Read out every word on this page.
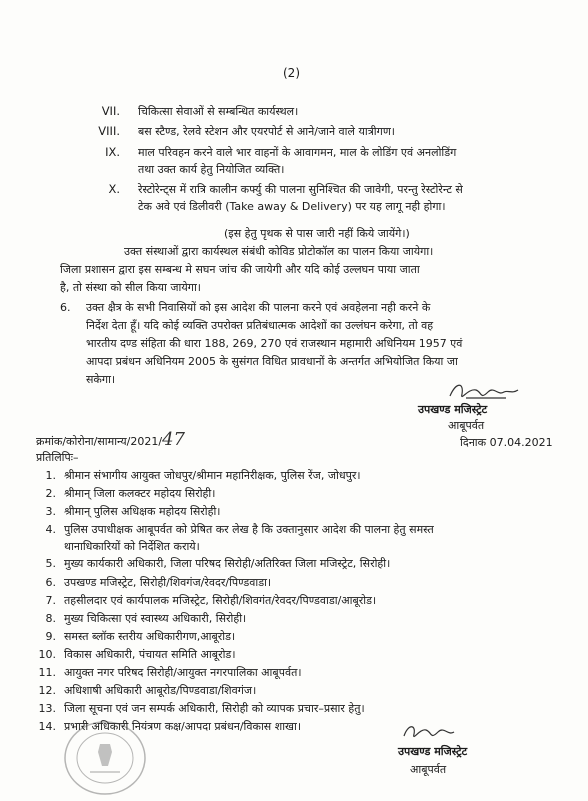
(2)
VII. चिकित्सा सेवाओं से सम्बन्धित कार्यस्थल।
VIII. बस स्टैण्ड, रेलवे स्टेशन और एयरपोर्ट से आने/जाने वाले यात्रीगण।
IX. माल परिवहन करने वाले भार वाहनों के आवागमन, माल के लोडिंग एवं अनलोडिंग
तथा उक्त कार्य हेतु नियोजित व्यक्ति।
X. रेस्टोरेन्ट्स में रात्रि कालीन कर्फ्यु की पालना सुनिश्चित की जावेगी, परन्तु रेस्टोरेन्ट से
टेक अवे एवं डिलीवरी (Take away & Delivery) पर यह लागू नही होगा।
(इस हेतु पृथक से पास जारी नहीं किये जायेंगे।)
उक्त संस्थाओं द्वारा कार्यस्थल संबंधी कोविड प्रोटोकॉल का पालन किया जायेगा।
जिला प्रशासन द्वारा इस सम्बन्ध मे सघन जांच की जायेगी और यदि कोई उल्लघन पाया जाता
है, तो संस्था को सील किया जायेगा।
6. उक्त क्षैत्र के सभी निवासियों को इस आदेश की पालना करने एवं अवहेलना नही करने के
निर्देश देता हूँ। यदि कोई व्यक्ति उपरोक्त प्रतिबंधात्मक आदेशों का उल्लंघन करेगा, तो वह
भारतीय दण्ड संहिता की धारा 188, 269, 270 एवं राजस्थान महामारी अधिनियम 1957 एवं
आपदा प्रबंधन अधिनियम 2005 के सुसंगत विधित प्रावधानों के अन्तर्गत अभियोजित किया जा
सकेगा।
उपखण्ड मजिस्ट्रेट
आबूपर्वत
क्रमांक/कोरोना/सामान्य/2021/47	दिनाक 07.04.2021
प्रतिलिपिः–
1. श्रीमान संभागीय आयुक्त जोधपुर/श्रीमान महानिरीक्षक, पुलिस रेंज, जोधपुर।
2. श्रीमान् जिला कलक्टर महोदय सिरोही।
3. श्रीमान् पुलिस अधिक्षक महोदय सिरोही।
4. पुलिस उपाधीक्षक आबूपर्वत को प्रेषित कर लेख है कि उक्तानुसार आदेश की पालना हेतु समस्त
थानाधिकारियों को निर्देशित कराये।
5. मुख्य कार्यकारी अधिकारी, जिला परिषद सिरोही/अतिरिक्त जिला मजिस्ट्रेट, सिरोही।
6. उपखण्ड मजिस्ट्रेट, सिरोही/शिवगंज/रेवदर/पिण्डवाडा।
7. तहसीलदार एवं कार्यपालक मजिस्ट्रेट, सिरोही/शिवगंत/रेवदर/पिण्डवाडा/आबूरोड।
8. मुख्य चिकित्सा एवं स्वास्थ्य अधिकारी, सिरोही।
9. समस्त ब्लॉक स्तरीय अधिकारीगण,आबूरोड।
10. विकास अधिकारी, पंचायत समिति आबूरोड।
11. आयुक्त नगर परिषद सिरोही/आयुक्त नगरपालिका आबूपर्वत।
12. अधिशाषी अधिकारी आबूरोड/पिण्डवाडा/शिवगंज।
13. जिला सूचना एवं जन सम्पर्क अधिकारी, सिरोही को व्यापक प्रचार–प्रसार हेतु।
14. प्रभारी अधिकारी नियंत्रण कक्ष/आपदा प्रबंधन/विकास शाखा।
उपखण्ड मजिस्ट्रेट
आबूपर्वत
